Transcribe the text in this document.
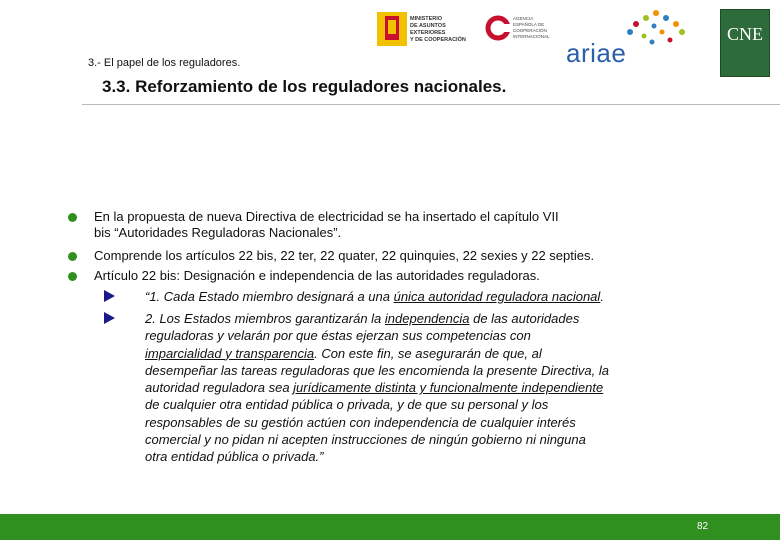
MINISTERIO
DE ASUNTOS EXTERIORES
Y DE COOPERACIÓN
AGENCIA
ESPAÑOLA DE
COOPERACIÓN
INTERNACIONAL
ariae
CNE
3.- El papel de los reguladores.
3.3. Reforzamiento de los reguladores nacionales.
En la propuesta de nueva Directiva de electricidad se ha insertado el capítulo VII
bis “Autoridades Reguladoras Nacionales”.
Comprende los artículos 22 bis, 22 ter, 22 quater, 22 quinquies, 22 sexies y 22 septies.
Artículo 22 bis: Designación e independencia de las autoridades reguladoras.
“1. Cada Estado miembro designará a una única autoridad reguladora nacional.
2. Los Estados miembros garantizarán la independencia de las autoridades
reguladoras y velarán por que éstas ejerzan sus competencias con
imparcialidad y transparencia. Con este fin, se asegurarán de que, al
desempeñar las tareas reguladoras que les encomienda la presente Directiva, la
autoridad reguladora sea jurídicamente distinta y funcionalmente independiente
de cualquier otra entidad pública o privada, y de que su personal y los
responsables de su gestión actúen con independencia de cualquier interés
comercial y no pidan ni acepten instrucciones de ningún gobierno ni ninguna
otra entidad pública o privada.”
82
